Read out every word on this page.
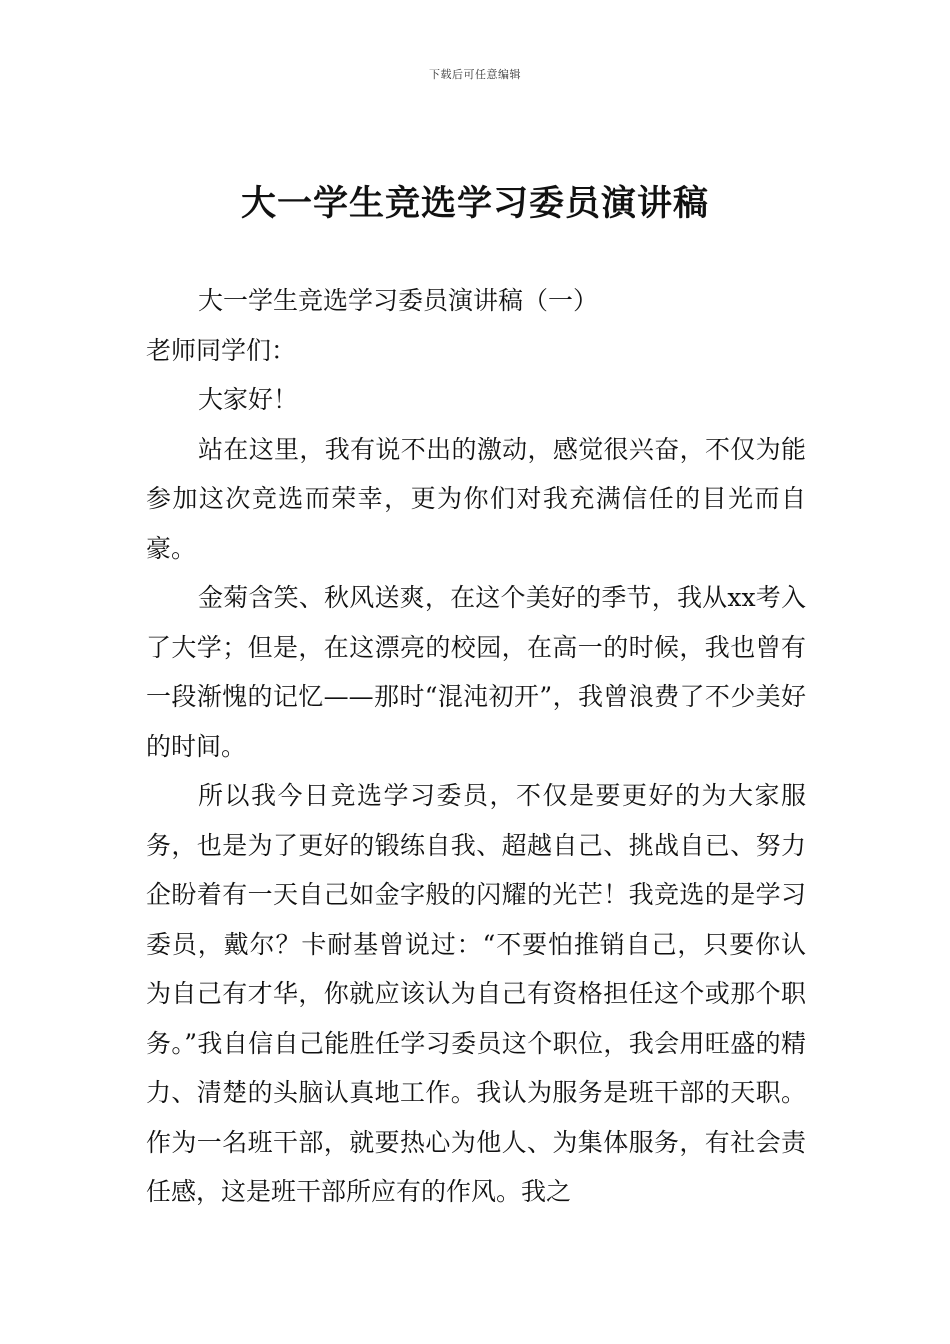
下载后可任意编辑
大一学生竞选学习委员演讲稿

大一学生竞选学习委员演讲稿（一）

老师同学们：

大家好！

站在这里，我有说不出的激动，感觉很兴奋，不仅为能参加这次竞选而荣幸，更为你们对我充满信任的目光而自豪。

金菊含笑、秋风送爽，在这个美好的季节，我从xx考入了大学；但是，在这漂亮的校园，在高一的时候，我也曾有一段渐愧的记忆——那时“混沌初开”，我曾浪费了不少美好的时间。

所以我今日竞选学习委员，不仅是要更好的为大家服务，也是为了更好的锻练自我、超越自己、挑战自已、努力企盼着有一天自己如金字般的闪耀的光芒！我竞选的是学习委员，戴尔？卡耐基曾说过：“不要怕推销自己，只要你认为自己有才华，你就应该认为自己有资格担任这个或那个职务。”我自信自己能胜任学习委员这个职位，我会用旺盛的精力、清楚的头脑认真地工作。我认为服务是班干部的天职。作为一名班干部，就要热心为他人、为集体服务，有社会责任感，这是班干部所应有的作风。我之
